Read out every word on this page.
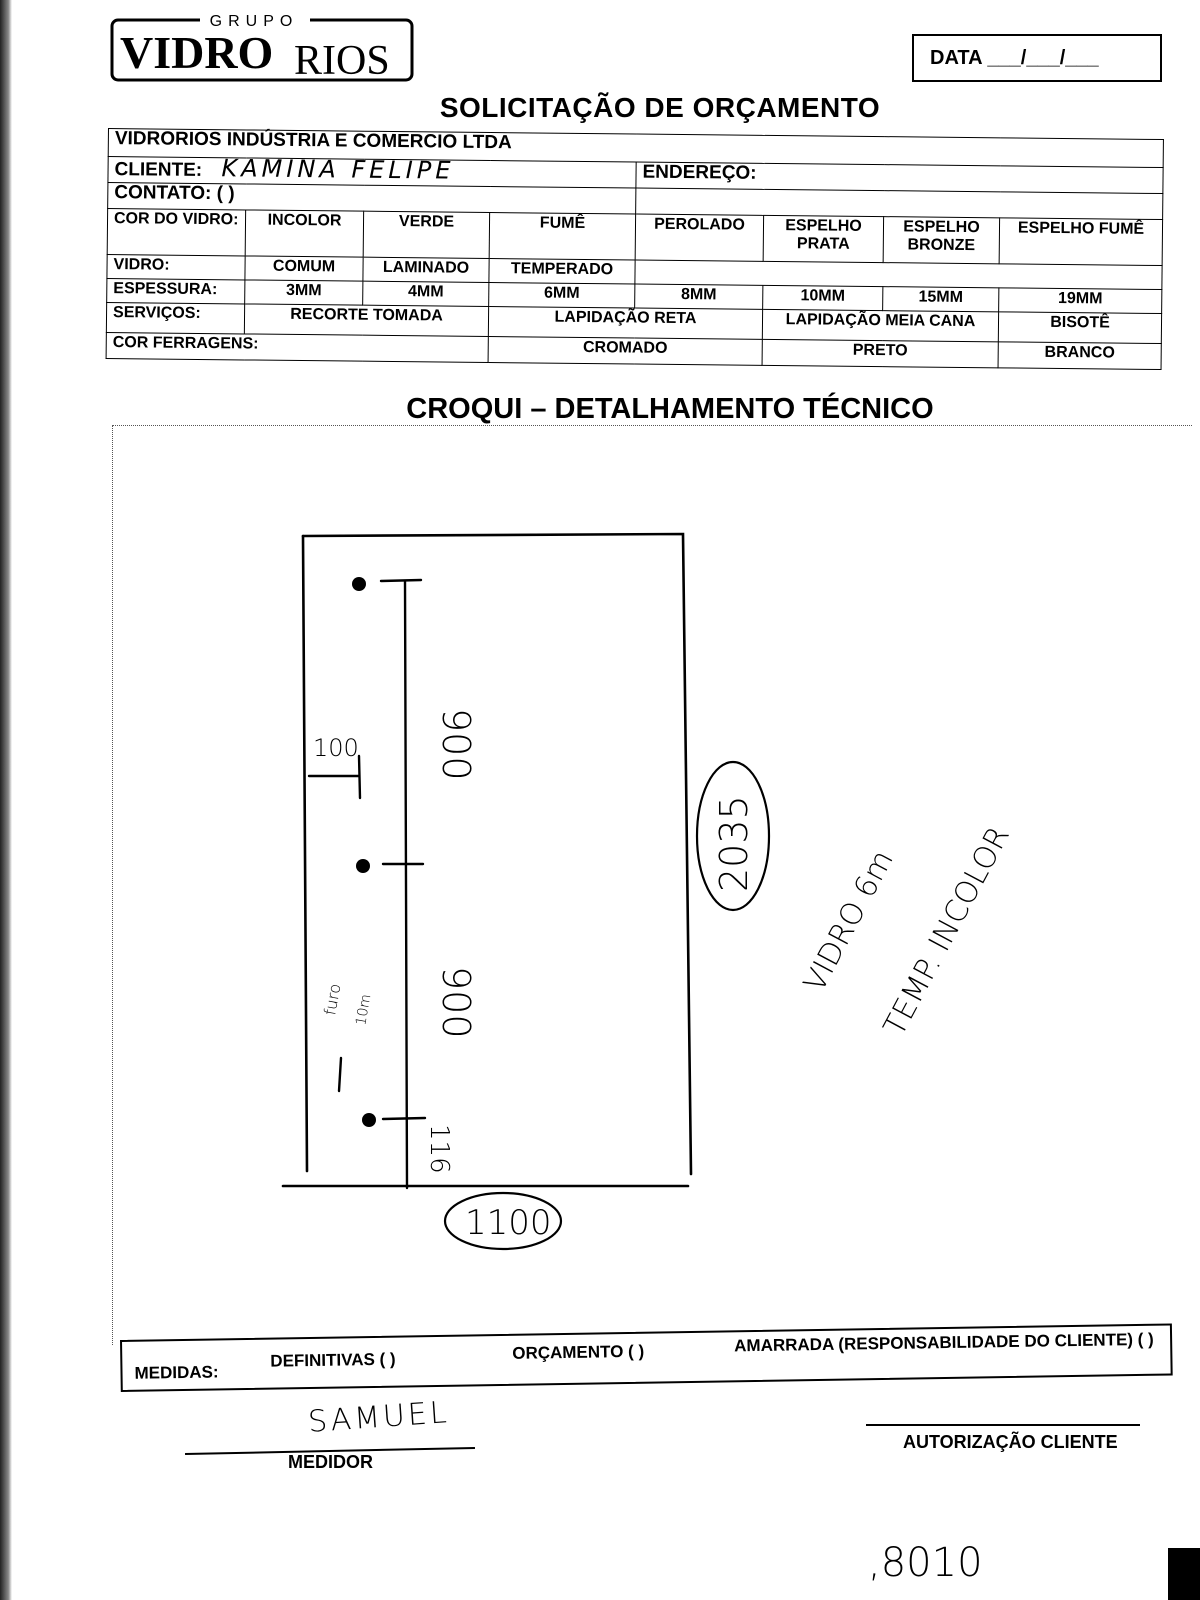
GRUPO
VIDRO RIOS	DATA ___/___/___
SOLICITAÇÃO DE ORÇAMENTO
VIDRORIOS INDÚSTRIA E COMERCIO LTDA							
CLIENTE: KAMINA FELIPE				ENDEREÇO:			
CONTATO: ( )							
COR DO VIDRO:	INCOLOR	VERDE	FUMÊ	PEROLADO	ESPELHO PRATA	ESPELHO BRONZE	ESPELHO FUMÊ
VIDRO:	COMUM	LAMINADO	TEMPERADO				
ESPESSURA:	3MM	4MM	6MM	8MM	10MM	15MM	19MM
SERVIÇOS:	RECORTE TOMADA		LAPIDAÇÃO RETA		LAPIDAÇÃO MEIA CANA		BISOTÊ
COR FERRAGENS:			CROMADO		PRETO		BRANCO
CROQUI – DETALHAMENTO TÉCNICO
900
900
116
100
furo 10m
2035
1100
VIDRO 6m
TEMP. INCOLOR
MEDIDAS:
DEFINITIVAS ( )	ORÇAMENTO ( )	AMARRADA (RESPONSABILIDADE DO CLIENTE) ( )
SAMUEL
MEDIDOR
AUTORIZAÇÃO CLIENTE
,8010
